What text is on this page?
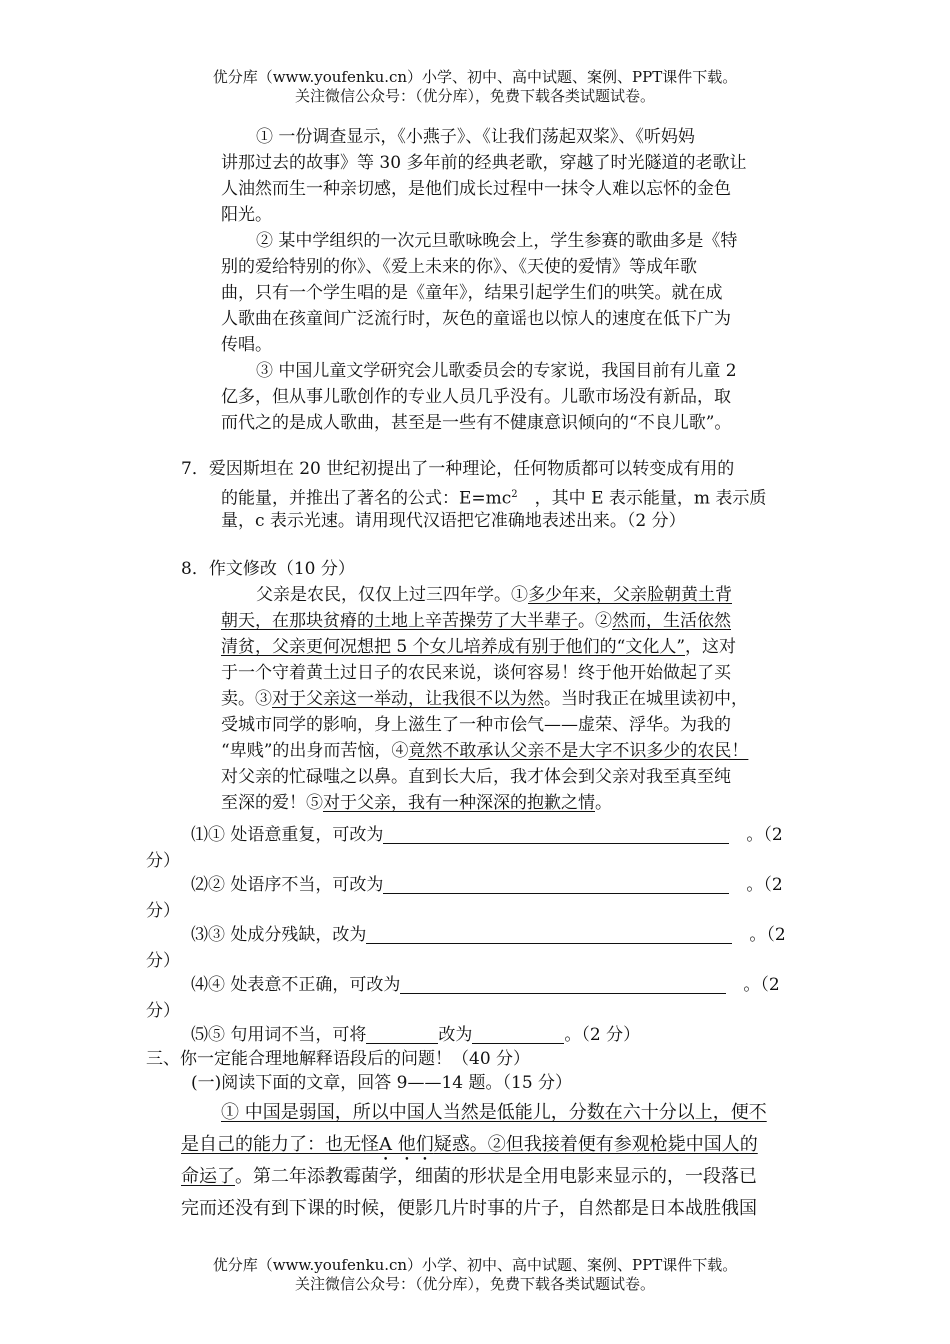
优分库（www.youfenku.cn）小学、初中、高中试题、案例、PPT课件下载。
关注微信公众号：（优分库），免费下载各类试题试卷。
① 一份调查显示，《小燕子》、《让我们荡起双桨》、《听妈妈
讲那过去的故事》等 30 多年前的经典老歌，穿越了时光隧道的老歌让
人油然而生一种亲切感，是他们成长过程中一抹令人难以忘怀的金色
阳光。
② 某中学组织的一次元旦歌咏晚会上，学生参赛的歌曲多是《特
别的爱给特别的你》、《爱上未来的你》、《天使的爱情》等成年歌
曲，只有一个学生唱的是《童年》，结果引起学生们的哄笑。就在成
人歌曲在孩童间广泛流行时，灰色的童谣也以惊人的速度在低下广为
传唱。
③ 中国儿童文学研究会儿歌委员会的专家说，我国目前有儿童 2
亿多，但从事儿歌创作的专业人员几乎没有。儿歌市场没有新品，取
而代之的是成人歌曲，甚至是一些有不健康意识倾向的“不良儿歌”。
7．爱因斯坦在 20 世纪初提出了一种理论，任何物质都可以转变成有用的
的能量，并推出了著名的公式：$E=mc^2$　，其中 E 表示能量，m 表示质
量，c 表示光速。请用现代汉语把它准确地表述出来。（2 分）
8．作文修改（10 分）
父亲是农民，仅仅上过三四年学。①多少年来，父亲脸朝黄土背
朝天，在那块贫瘠的土地上辛苦操劳了大半辈子。②然而，生活依然
清贫，父亲更何况想把 5 个女儿培养成有别于他们的“文化人”，这对
于一个守着黄土过日子的农民来说，谈何容易！终于他开始做起了买
卖。③对于父亲这一举动，让我很不以为然。当时我正在城里读初中，
受城市同学的影响，身上滋生了一种市侩气——虚荣、浮华。为我的
“卑贱”的出身而苦恼，④竟然不敢承认父亲不是大字不识多少的农民！
对父亲的忙碌嗤之以鼻。直到长大后，我才体会到父亲对我至真至纯
至深的爱！⑤对于父亲，我有一种深深的抱歉之情。
⑴① 处语意重复，可改为　	。（2
分）
⑵② 处语序不当，可改为　	。（2
分）
⑶③ 处成分残缺，改为　	。（2
分）
⑷④ 处表意不正确，可改为　	。（2
分）
⑸⑤ 句用词不当，可将	改为	。（2 分）
三、你一定能合理地解释语段后的问题！（40 分）
(一)阅读下面的文章，回答 9——14 题。（15 分）
① 中国是弱国，所以中国人当然是低能儿，分数在六十分以上，便不
是自己的能力了：也无怪A 他们疑惑。②但我接着便有参观枪毙中国人的
命运了。第二年添教霉菌学，细菌的形状是全用电影来显示的，一段落已
完而还没有到下课的时候，便影几片时事的片子，自然都是日本战胜俄国
优分库（www.youfenku.cn）小学、初中、高中试题、案例、PPT课件下载。
关注微信公众号：（优分库），免费下载各类试题试卷。
